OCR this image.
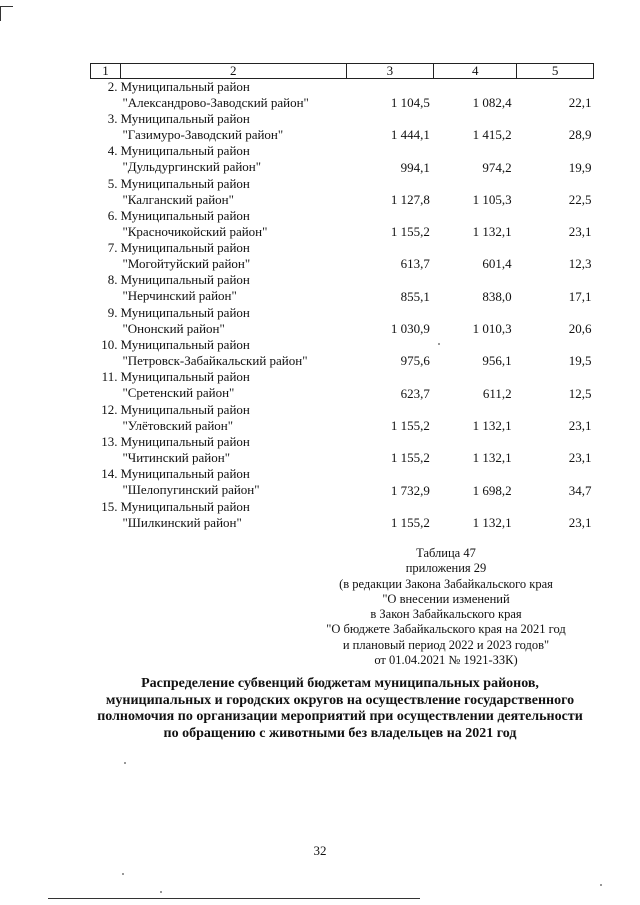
1	2	3	4	5
2.	Муниципальный район
"Александрово-Заводский район"	1 104,5	1 082,4	22,1
3.	Муниципальный район
"Газимуро-Заводский район"	1 444,1	1 415,2	28,9
4.	Муниципальный район
"Дульдургинский район"	994,1	974,2	19,9
5.	Муниципальный район
"Калганский район"	1 127,8	1 105,3	22,5
6.	Муниципальный район
"Красночикойский район"	1 155,2	1 132,1	23,1
7.	Муниципальный район
"Могойтуйский район"	613,7	601,4	12,3
8.	Муниципальный район
"Нерчинский район"	855,1	838,0	17,1
9.	Муниципальный район
"Ононский район"	1 030,9	1 010,3	20,6
10.	Муниципальный район
"Петровск-Забайкальский район"	975,6	956,1	19,5
11.	Муниципальный район
"Сретенский район"	623,7	611,2	12,5
12.	Муниципальный район
"Улётовский район"	1 155,2	1 132,1	23,1
13.	Муниципальный район
"Читинский район"	1 155,2	1 132,1	23,1
14.	Муниципальный район
"Шелопугинский район"	1 732,9	1 698,2	34,7
15.	Муниципальный район
"Шилкинский район"	1 155,2	1 132,1	23,1
Таблица 47
приложения 29
(в редакции Закона Забайкальского края
"О внесении изменений
в Закон Забайкальского края
"О бюджете Забайкальского края на 2021 год
и плановый период 2022 и 2023 годов"
от 01.04.2021 № 1921-ЗЗК)
Распределение субвенций бюджетам муниципальных районов,
муниципальных и городских округов на осуществление государственного
полномочия по организации мероприятий при осуществлении деятельности
по обращению с животными без владельцев на 2021 год
32
